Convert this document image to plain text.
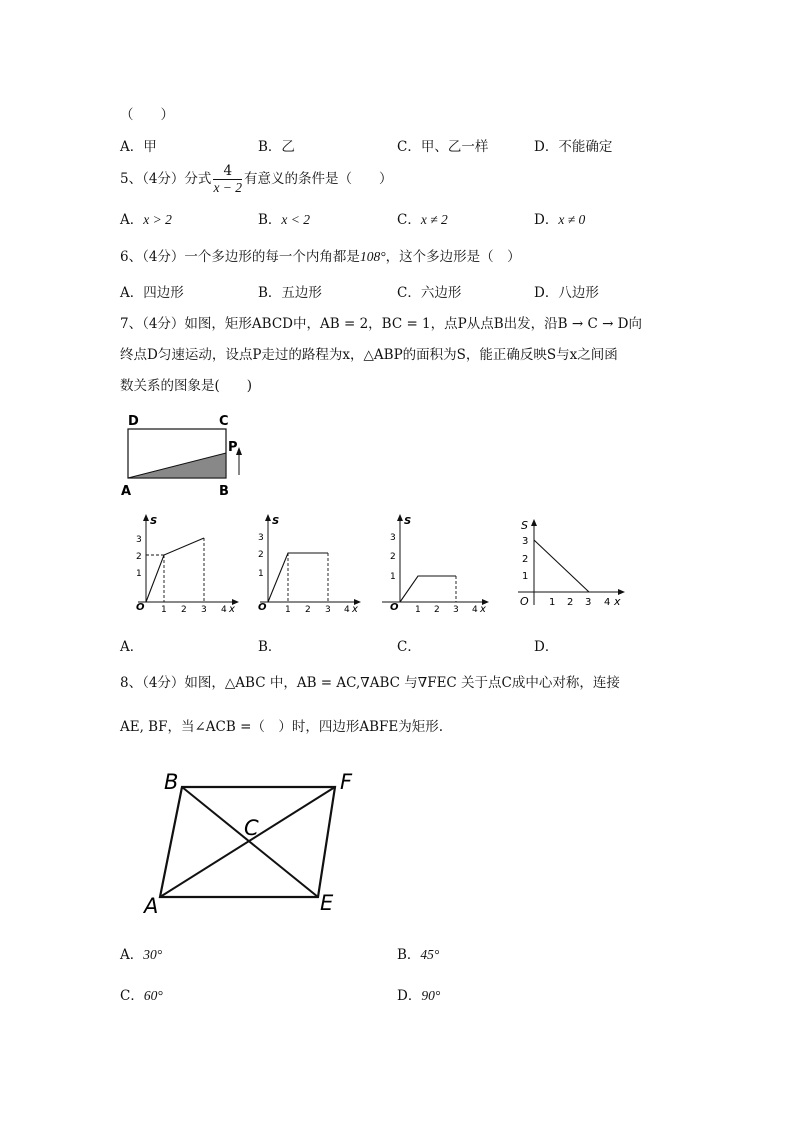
（　　）
A．甲	B．乙	C．甲、乙一样	D．不能确定
5、（4分）分式 $\frac{4}{x - 2}$ 有意义的条件是（　　）
A．x > 2	B．x < 2	C．x ≠ 2	D．x ≠ 0
6、（4分）一个多边形的每一个内角都是108°，这个多边形是（　）
A．四边形	B．五边形	C．六边形	D．八边形
7、（4分）如图，矩形ABCD中，AB = 2，BC = 1，点P从点B出发，沿B → C → D向
终点D匀速运动，设点P走过的路程为x，△ABP的面积为S，能正确反映S与x之间函
数关系的图象是(　　)
D	C
P
A	B
S
3
2
1
O 1 2 3 4 x
S
3
2
1
O 1 2 3 4 x
S
3
2
1
O 1 2 3 4 x
S
3
2
1
O 1 2 3 4 x
A．	B．	C．	D．
8、（4分）如图，△ABC 中，AB = AC,∇ABC 与∇FEC 关于点C成中心对称，连接
AE, BF，当∠ACB =（　）时，四边形ABFE为矩形.
B	F
C
A	E
A．30°	B．45°
C．60°	D．90°
